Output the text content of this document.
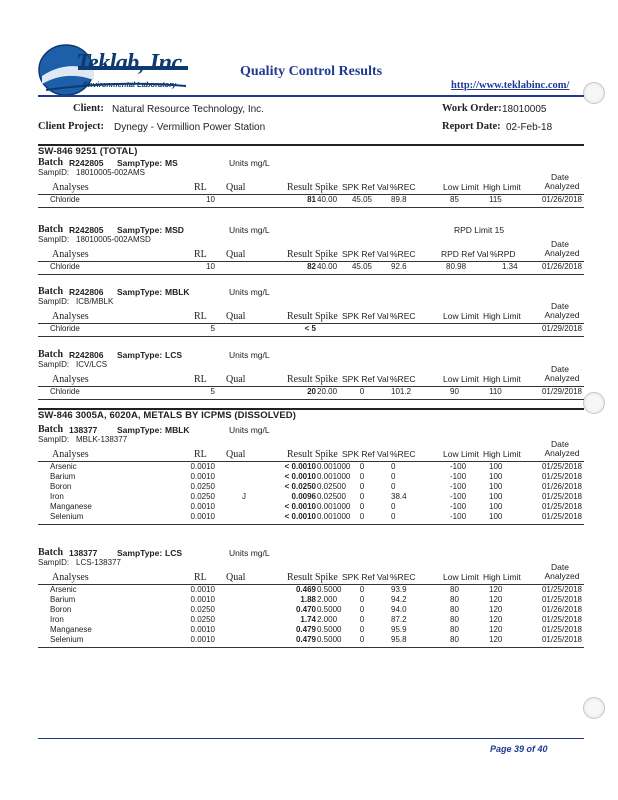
Teklab, Inc.
Environmental Laboratory
Quality Control Results
http://www.teklabinc.com/
Client: Natural Resource Technology, Inc.
Client Project: Dynegy - Vermillion Power Station
Work Order: 18010005
Report Date: 02-Feb-18
SW-846 9251 (TOTAL)
Batch R242805 SampType: MS	Units mg/L
SampID: 18010005-002AMS
Analyses	RL Qual	Result Spike SPK Ref Val %REC	Low Limit High Limit
Date
Analyzed
Chloride	10	81 40.00	45.05	89.8	85	115	01/26/2018
Batch R242805 SampType: MSD	Units mg/L	RPD Limit 15
SampID: 18010005-002AMSD
Analyses	RL Qual	Result Spike SPK Ref Val %REC	RPD Ref Val %RPD
Date
Analyzed
Chloride	10	82 40.00	45.05	92.6	80.98	1.34	01/26/2018
Batch R242806 SampType: MBLK	Units mg/L
SampID: ICB/MBLK
Analyses	RL Qual	Result Spike SPK Ref Val %REC	Low Limit High Limit
Date
Analyzed
Chloride	5	< 5	01/29/2018
Batch R242806 SampType: LCS	Units mg/L
SampID: ICV/LCS
Analyses	RL Qual	Result Spike SPK Ref Val %REC	Low Limit High Limit
Date
Analyzed
Chloride	5	20 20.00	0	101.2	90	110	01/29/2018
SW-846 3005A, 6020A, METALS BY ICPMS (DISSOLVED)
Batch 138377 SampType: MBLK	Units mg/L
SampID: MBLK-138377
Analyses	RL Qual	Result Spike SPK Ref Val %REC	Low Limit High Limit
Date
Analyzed
Arsenic	0.0010	< 0.0010 0.001000	0	0	-100	100	01/25/2018
Barium	0.0010	< 0.0010 0.001000	0	0	-100	100	01/25/2018
Boron	0.0250	< 0.0250 0.02500	0	0	-100	100	01/26/2018
Iron	0.0250	J	0.0096 0.02500	0	38.4	-100	100	01/25/2018
Manganese	0.0010	< 0.0010 0.001000	0	0	-100	100	01/25/2018
Selenium	0.0010	< 0.0010 0.001000	0	0	-100	100	01/25/2018
Batch 138377 SampType: LCS	Units mg/L
SampID: LCS-138377
Analyses	RL Qual	Result Spike SPK Ref Val %REC	Low Limit High Limit
Date
Analyzed
Arsenic	0.0010	0.469 0.5000	0	93.9	80	120	01/25/2018
Barium	0.0010	1.88 2.000	0	94.2	80	120	01/25/2018
Boron	0.0250	0.470 0.5000	0	94.0	80	120	01/26/2018
Iron	0.0250	1.74 2.000	0	87.2	80	120	01/25/2018
Manganese	0.0010	0.479 0.5000	0	95.9	80	120	01/25/2018
Selenium	0.0010	0.479 0.5000	0	95.8	80	120	01/25/2018
Page 39 of 40
